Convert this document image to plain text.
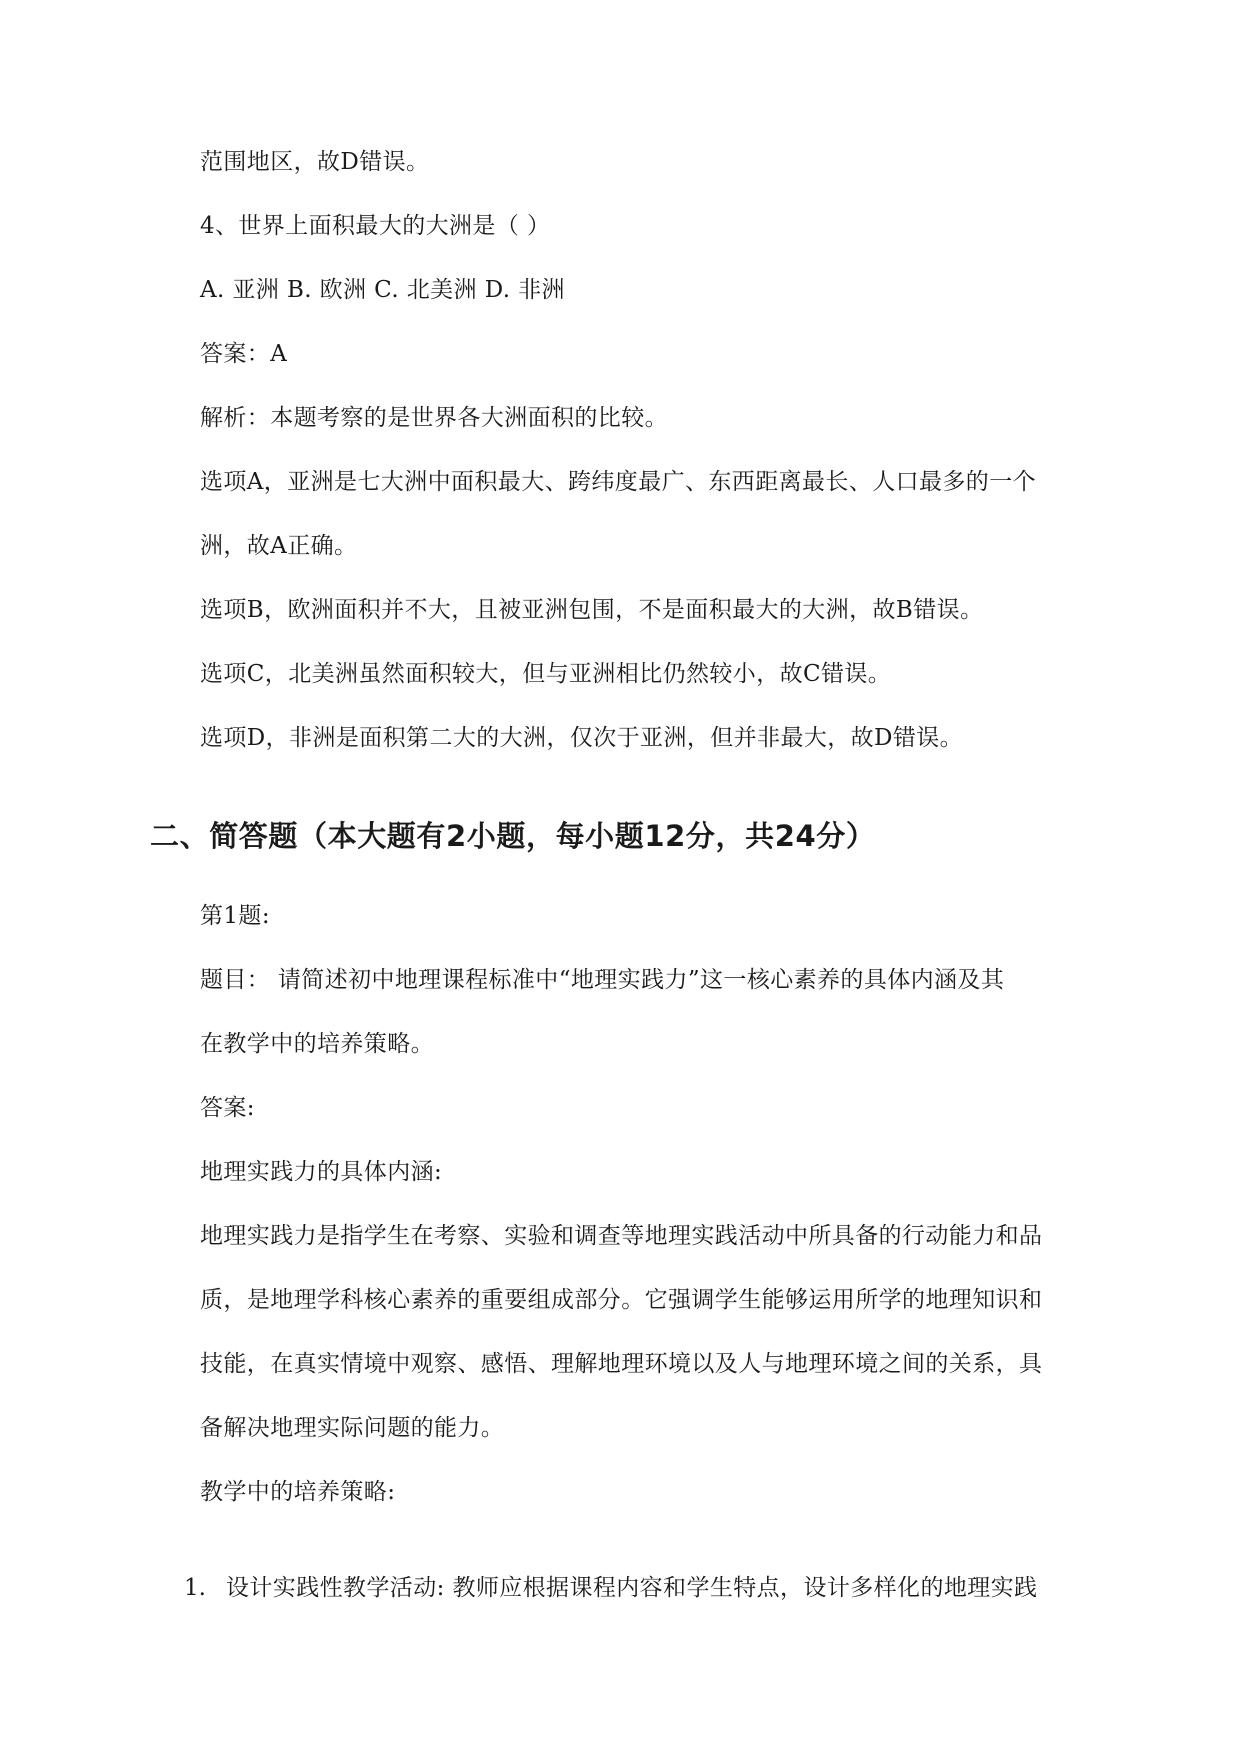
范围地区，故D错误。
4、世界上面积最大的大洲是（ ）
A. 亚洲 B. 欧洲 C. 北美洲 D. 非洲
答案：A
解析：本题考察的是世界各大洲面积的比较。
选项A，亚洲是七大洲中面积最大、跨纬度最广、东西距离最长、人口最多的一个
洲，故A正确。
选项B，欧洲面积并不大，且被亚洲包围，不是面积最大的大洲，故B错误。
选项C，北美洲虽然面积较大，但与亚洲相比仍然较小，故C错误。
选项D，非洲是面积第二大的大洲，仅次于亚洲，但并非最大，故D错误。
二、简答题（本大题有2小题，每小题12分，共24分）
第1题:
题目： 请简述初中地理课程标准中“地理实践力”这一核心素养的具体内涵及其
在教学中的培养策略。
答案:
地理实践力的具体内涵:
地理实践力是指学生在考察、实验和调查等地理实践活动中所具备的行动能力和品
质，是地理学科核心素养的重要组成部分。它强调学生能够运用所学的地理知识和
技能，在真实情境中观察、感悟、理解地理环境以及人与地理环境之间的关系，具
备解决地理实际问题的能力。
教学中的培养策略:
1. 设计实践性教学活动: 教师应根据课程内容和学生特点，设计多样化的地理实践
